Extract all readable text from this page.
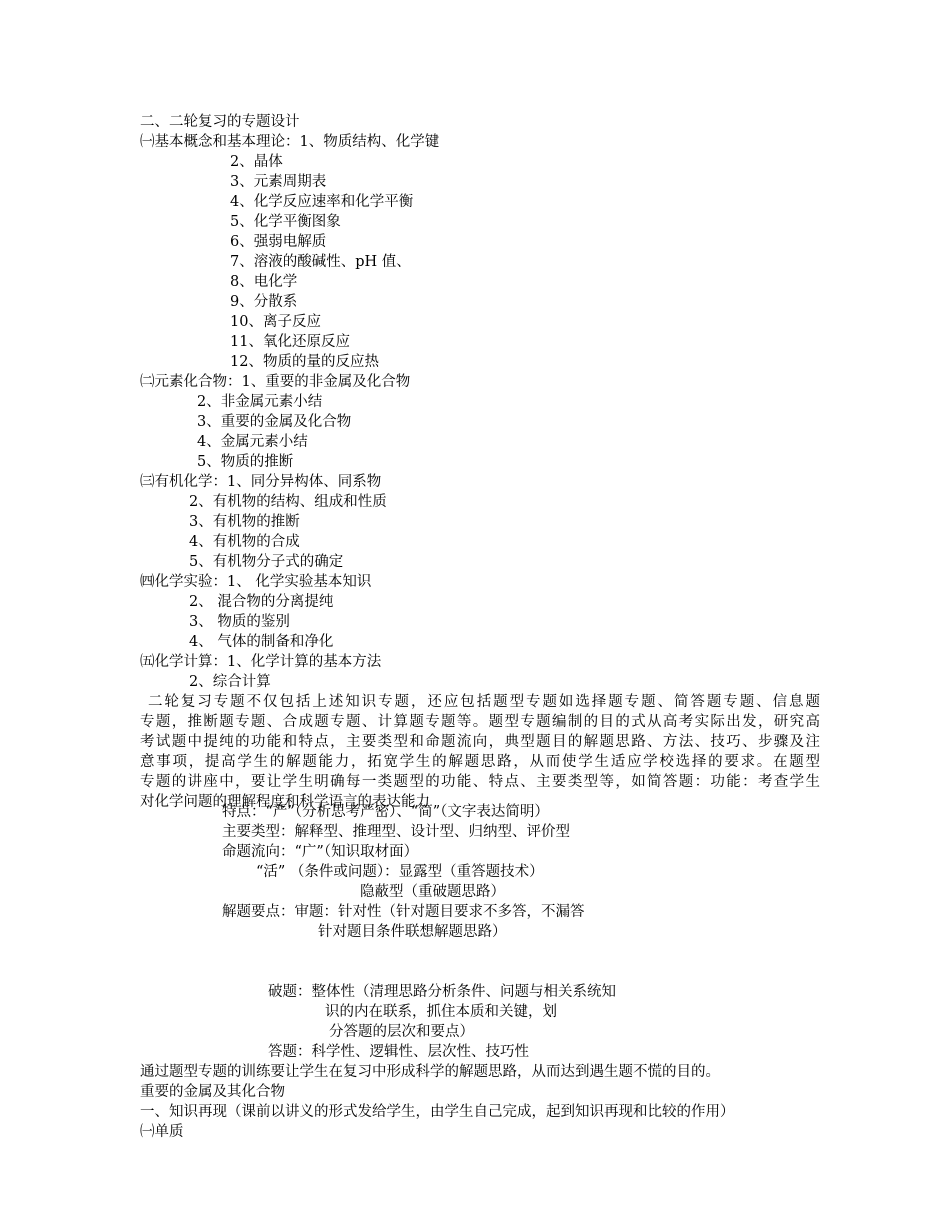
二、二轮复习的专题设计
㈠基本概念和基本理论：1、物质结构、化学键
2、晶体
3、元素周期表
4、化学反应速率和化学平衡
5、化学平衡图象
6、强弱电解质
7、溶液的酸碱性、pH 值、
8、电化学
9、分散系
10、离子反应
11、氧化还原反应
12、物质的量的反应热
㈡元素化合物：1、重要的非金属及化合物
2、非金属元素小结
3、重要的金属及化合物
4、金属元素小结
5、物质的推断
㈢有机化学：1、同分异构体、同系物
2、有机物的结构、组成和性质
3、有机物的推断
4、有机物的合成
5、有机物分子式的确定
㈣化学实验：1、 化学实验基本知识
2、 混合物的分离提纯
3、 物质的鉴别
4、 气体的制备和净化
㈤化学计算：1、化学计算的基本方法
2、综合计算
二轮复习专题不仅包括上述知识专题，还应包括题型专题如选择题专题、简答题专题、信息题
专题，推断题专题、合成题专题、计算题专题等。题型专题编制的目的式从高考实际出发，研究高
考试题中提纯的功能和特点，主要类型和命题流向，典型题目的解题思路、方法、技巧、步骤及注
意事项，提高学生的解题能力，拓宽学生的解题思路，从而使学生适应学校选择的要求。在题型
专题的讲座中，要让学生明确每一类题型的功能、特点、主要类型等，如简答题：功能：考查学生
对化学问题的理解程度和科学语言的表达能力
特点：“严”（分析思考严密）、“简”（文字表达简明）
主要类型：解释型、推理型、设计型、归纳型、评价型
命题流向：“广”（知识取材面）
“活” （条件或问题）：显露型（重答题技术）
隐蔽型（重破题思路）
解题要点：审题：针对性（针对题目要求不多答，不漏答
针对题目条件联想解题思路）
破题：整体性（清理思路分析条件、问题与相关系统知
识的内在联系，抓住本质和关键，划
分答题的层次和要点）
答题：科学性、逻辑性、层次性、技巧性
通过题型专题的训练要让学生在复习中形成科学的解题思路，从而达到遇生题不慌的目的。
重要的金属及其化合物
一、知识再现（课前以讲义的形式发给学生，由学生自己完成，起到知识再现和比较的作用）
㈠单质
